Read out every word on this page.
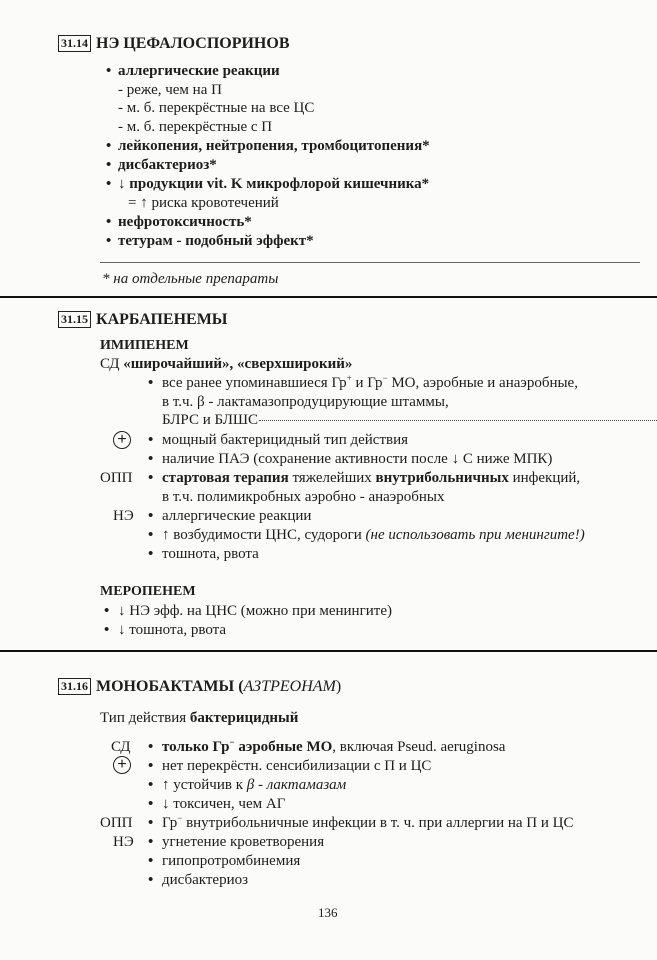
31.14 НЭ ЦЕФАЛОСПОРИНОВ
• аллергические реакции
- реже, чем на П
- м. б. перекрёстные на все ЦС
- м. б. перекрёстные с П
• лейкопения, нейтропения, тромбоцитопения*
• дисбактериоз*
• ↓ продукции vit. K микрофлорой кишечника*
= ↑ риска кровотечений
• нефротоксичность*
• тетурам - подобный эффект*
* на отдельные препараты
31.15 КАРБАПЕНЕМЫ
ИМИПЕНЕМ
СД «широчайший», «сверхширокий»
• все ранее упоминавшиеся Гр+ и Гр− МО, аэробные и анаэробные,
в т.ч. β - лактамазопродуцирующие штаммы,
БЛРС и БЛШС
+ • мощный бактерицидный тип действия
• наличие ПАЭ (сохранение активности после ↓ С ниже МПК)
ОПП • стартовая терапия тяжелейших внутрибольничных инфекций,
в т.ч. полимикробных аэробно - анаэробных
НЭ • аллергические реакции
• ↑ возбудимости ЦНС, судороги (не использовать при менингите!)
• тошнота, рвота
МЕРОПЕНЕМ
• ↓ НЭ эфф. на ЦНС (можно при менингите)
• ↓ тошнота, рвота
31.16 МОНОБАКТАМЫ (АЗТРЕОНАМ)
Тип действия бактерицидный
СД • только Гр− аэробные МО, включая Pseud. aeruginosa
+ • нет перекрёстн. сенсибилизации с П и ЦС
• ↑ устойчив к β - лактамазам
• ↓ токсичен, чем АГ
ОПП • Гр− внутрибольничные инфекции в т. ч. при аллергии на П и ЦС
НЭ • угнетение кроветворения
• гипопротромбинемия
• дисбактериоз
136
